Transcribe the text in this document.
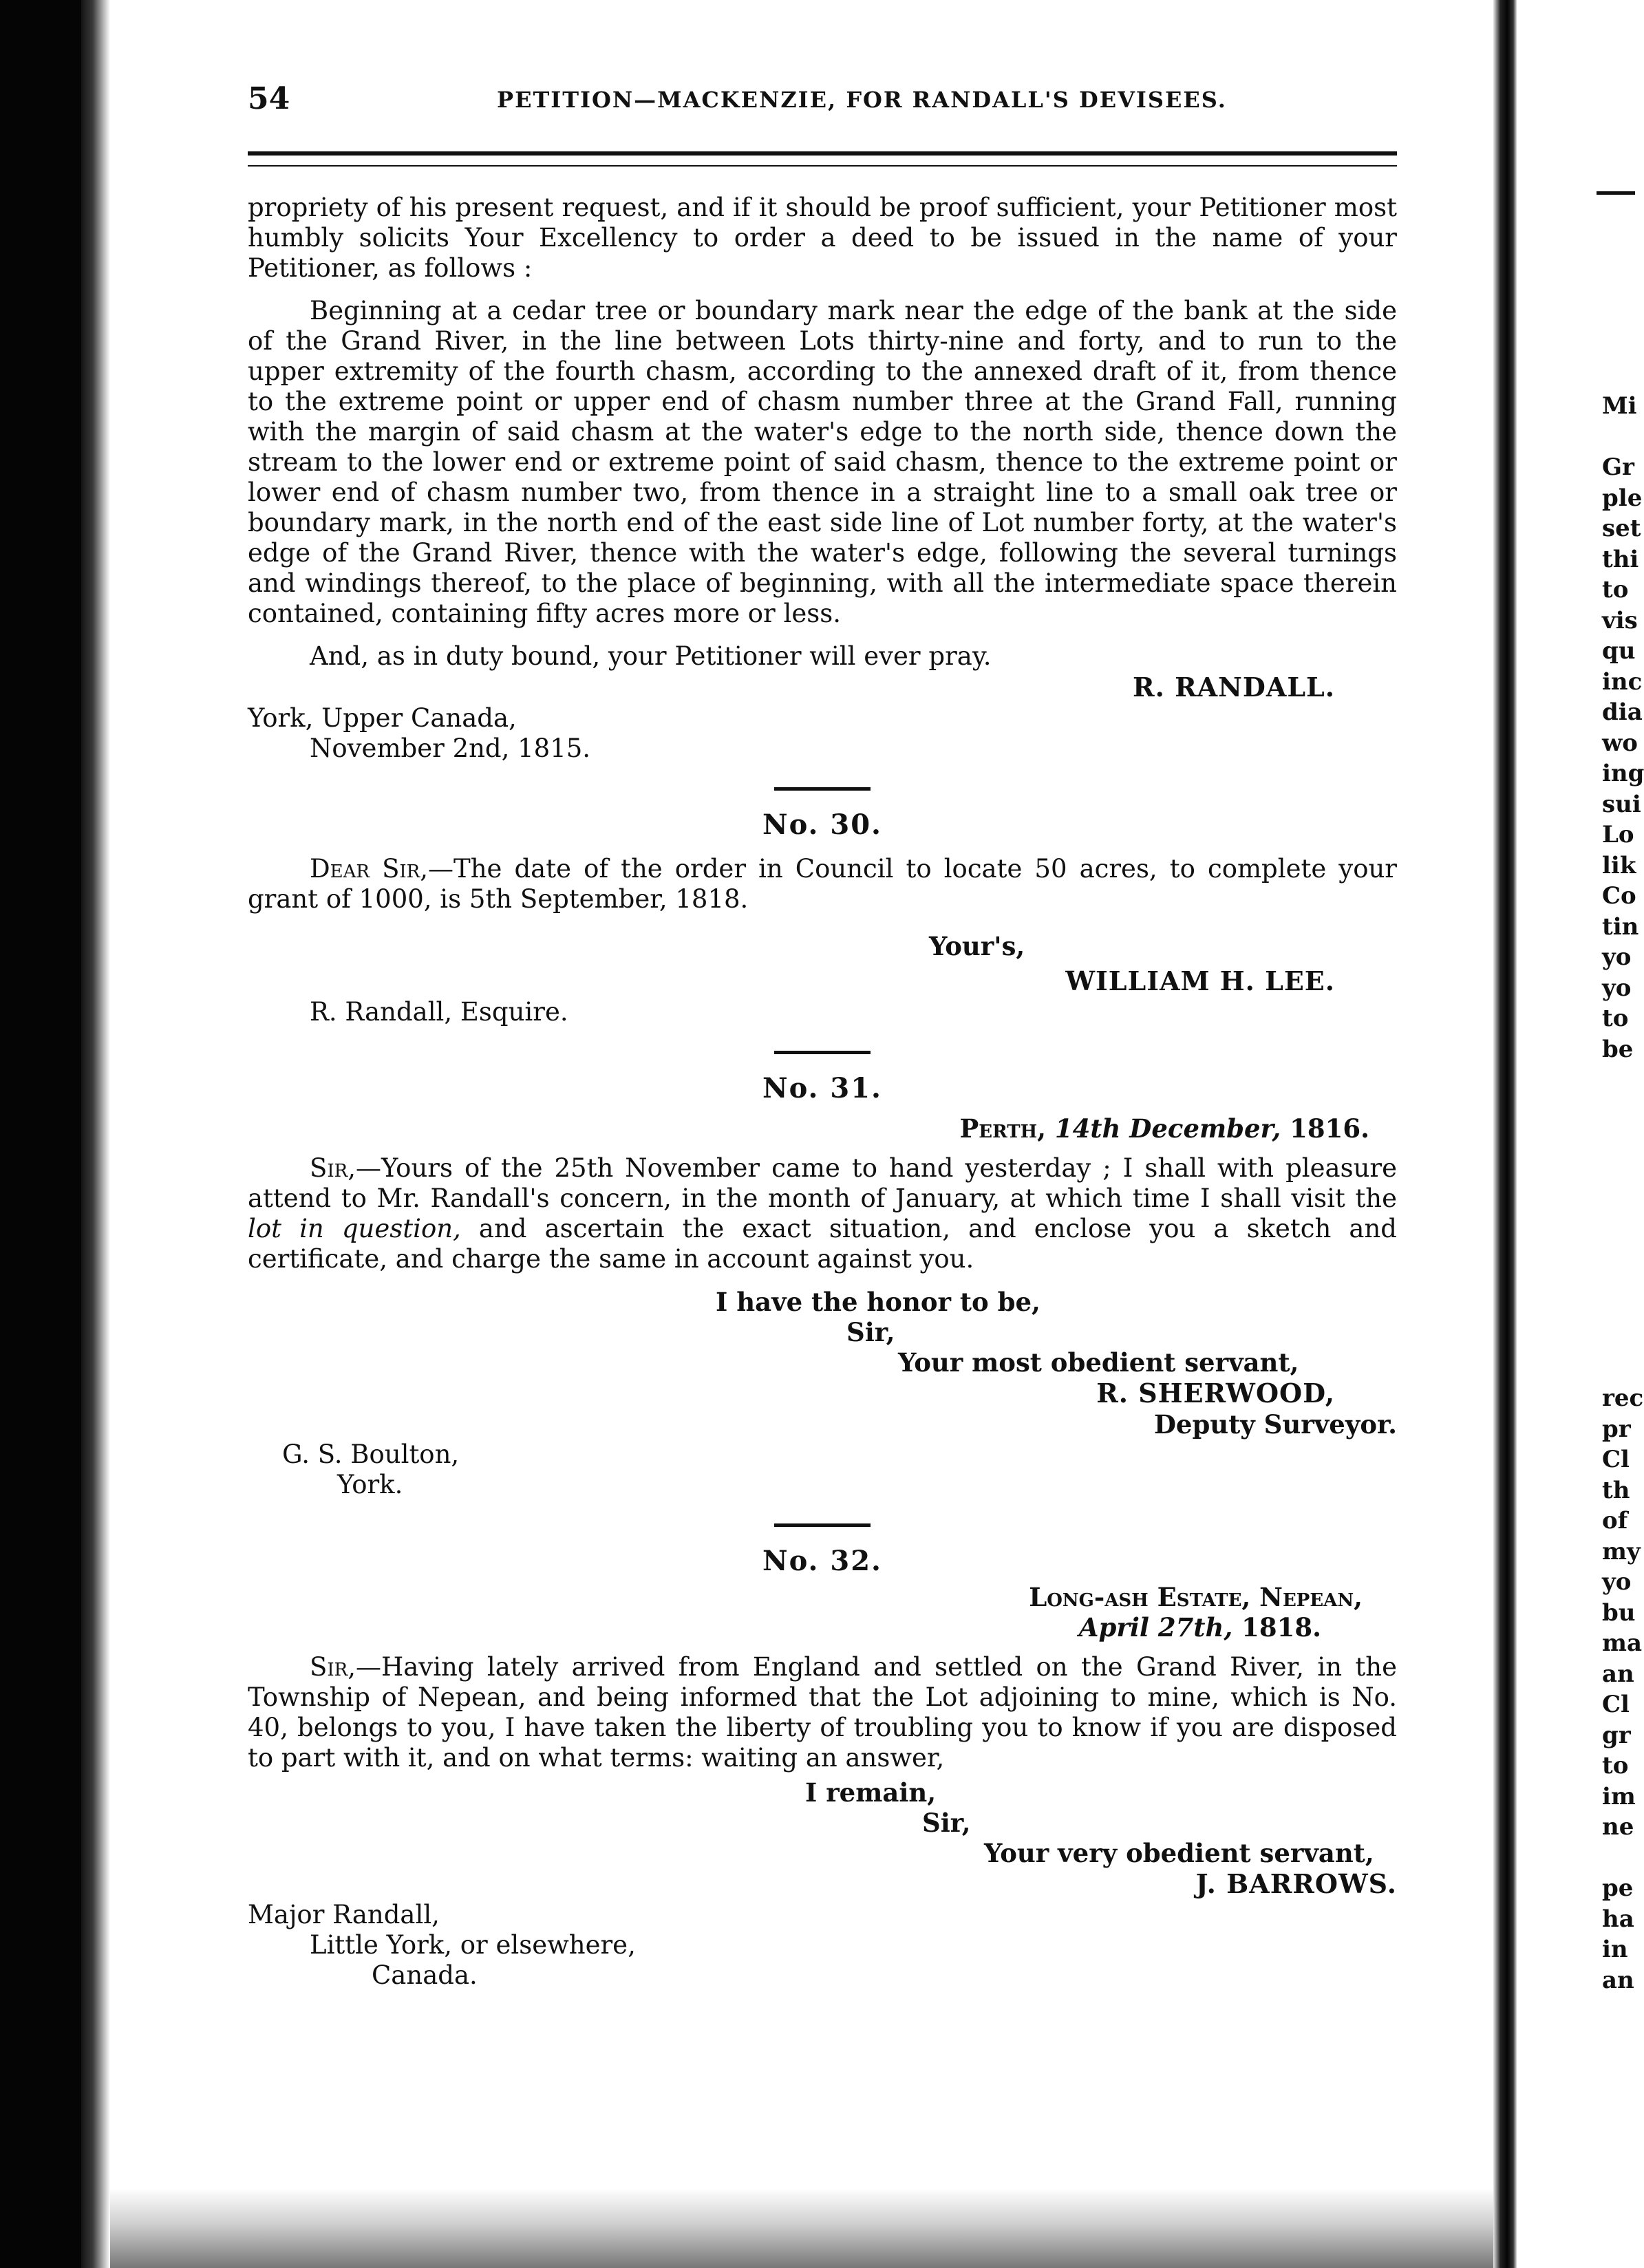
Mi
Gr
ple
set
thi
to
vis
qu
inc
dia
wo
ing
sui
Lo
lik
Co
tin
yo
yo
to
be
rec
pr
Cl
th
of
my
yo
bu
ma
an
Cl
gr
to
im
ne
pe
ha
in
an
54	PETITION—MACKENZIE, FOR RANDALL'S DEVISEES.

propriety of his present request, and if it should be proof sufficient, your Petitioner most humbly solicits Your Excellency to order a deed to be issued in the name of your Petitioner, as follows :

Beginning at a cedar tree or boundary mark near the edge of the bank at the side of the Grand River, in the line between Lots thirty-nine and forty, and to run to the upper extremity of the fourth chasm, according to the annexed draft of it, from thence to the extreme point or upper end of chasm number three at the Grand Fall, running with the margin of said chasm at the water's edge to the north side, thence down the stream to the lower end or extreme point of said chasm, thence to the extreme point or lower end of chasm number two, from thence in a straight line to a small oak tree or boundary mark, in the north end of the east side line of Lot number forty, at the water's edge of the Grand River, thence with the water's edge, following the several turnings and windings thereof, to the place of beginning, with all the intermediate space therein contained, containing fifty acres more or less.

And, as in duty bound, your Petitioner will ever pray.

R. RANDALL.
York, Upper Canada,
November 2nd, 1815.
No. 30.

Dear Sir,—The date of the order in Council to locate 50 acres, to complete your grant of 1000, is 5th September, 1818.

Your's,
WILLIAM H. LEE.
R. Randall, Esquire.
No. 31.
Perth, 14th December, 1816.

Sir,—Yours of the 25th November came to hand yesterday ; I shall with pleasure attend to Mr. Randall's concern, in the month of January, at which time I shall visit the lot in question, and ascertain the exact situation, and enclose you a sketch and certificate, and charge the same in account against you.

I have the honor to be,
Sir,
Your most obedient servant,
R. SHERWOOD,
Deputy Surveyor.
G. S. Boulton,
York.
No. 32.
Long-ash Estate, Nepean,
April 27th, 1818.

Sir,—Having lately arrived from England and settled on the Grand River, in the Township of Nepean, and being informed that the Lot adjoining to mine, which is No. 40, belongs to you, I have taken the liberty of troubling you to know if you are disposed to part with it, and on what terms: waiting an answer,

I remain,
Sir,
Your very obedient servant,
J. BARROWS.
Major Randall,
Little York, or elsewhere,
Canada.
